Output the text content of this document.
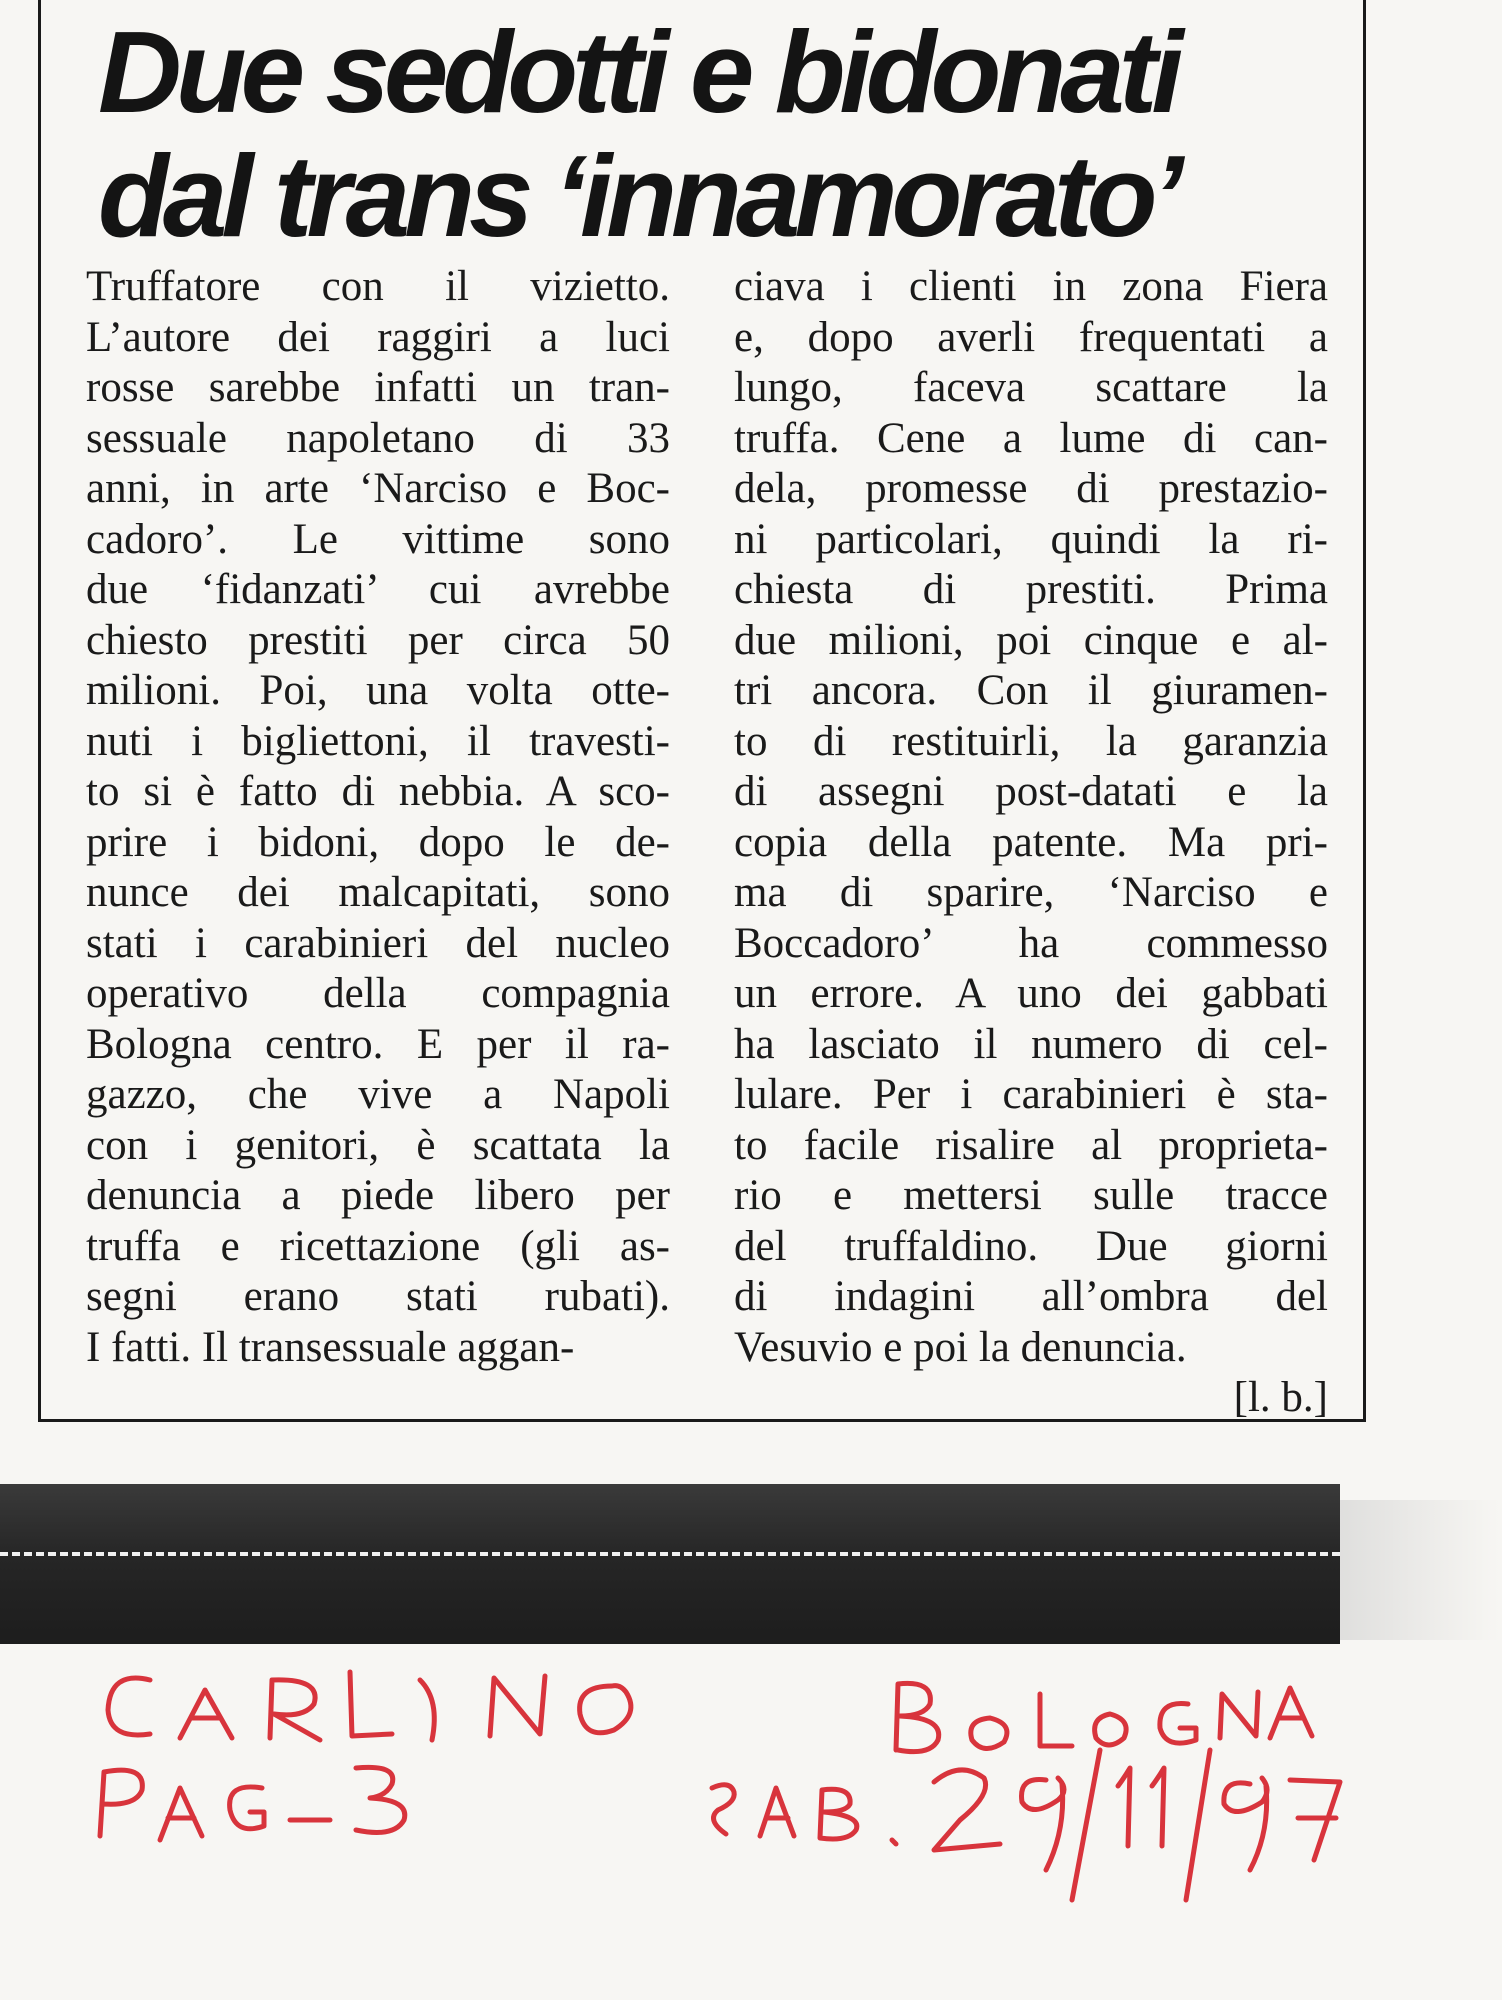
Due sedotti e bidonati
dal trans ‘innamorato’
Truffatore con il vizietto.
L’autore dei raggiri a luci
rosse sarebbe infatti un tran-
sessuale napoletano di 33
anni, in arte ‘Narciso e Boc-
cadoro’. Le vittime sono
due ‘fidanzati’ cui avrebbe
chiesto prestiti per circa 50
milioni. Poi, una volta otte-
nuti i bigliettoni, il travesti-
to si è fatto di nebbia. A sco-
prire i bidoni, dopo le de-
nunce dei malcapitati, sono
stati i carabinieri del nucleo
operativo della compagnia
Bologna centro. E per il ra-
gazzo, che vive a Napoli
con i genitori, è scattata la
denuncia a piede libero per
truffa e ricettazione (gli as-
segni erano stati rubati).
I fatti. Il transessuale aggan-
ciava i clienti in zona Fiera
e, dopo averli frequentati a
lungo, faceva scattare la
truffa. Cene a lume di can-
dela, promesse di prestazio-
ni particolari, quindi la ri-
chiesta di prestiti. Prima
due milioni, poi cinque e al-
tri ancora. Con il giuramen-
to di restituirli, la garanzia
di assegni post-datati e la
copia della patente. Ma pri-
ma di sparire, ‘Narciso e
Boccadoro’ ha commesso
un errore. A uno dei gabbati
ha lasciato il numero di cel-
lulare. Per i carabinieri è sta-
to facile risalire al proprieta-
rio e mettersi sulle tracce
del truffaldino. Due giorni
di indagini all’ombra del
Vesuvio e poi la denuncia.
[l. b.]
